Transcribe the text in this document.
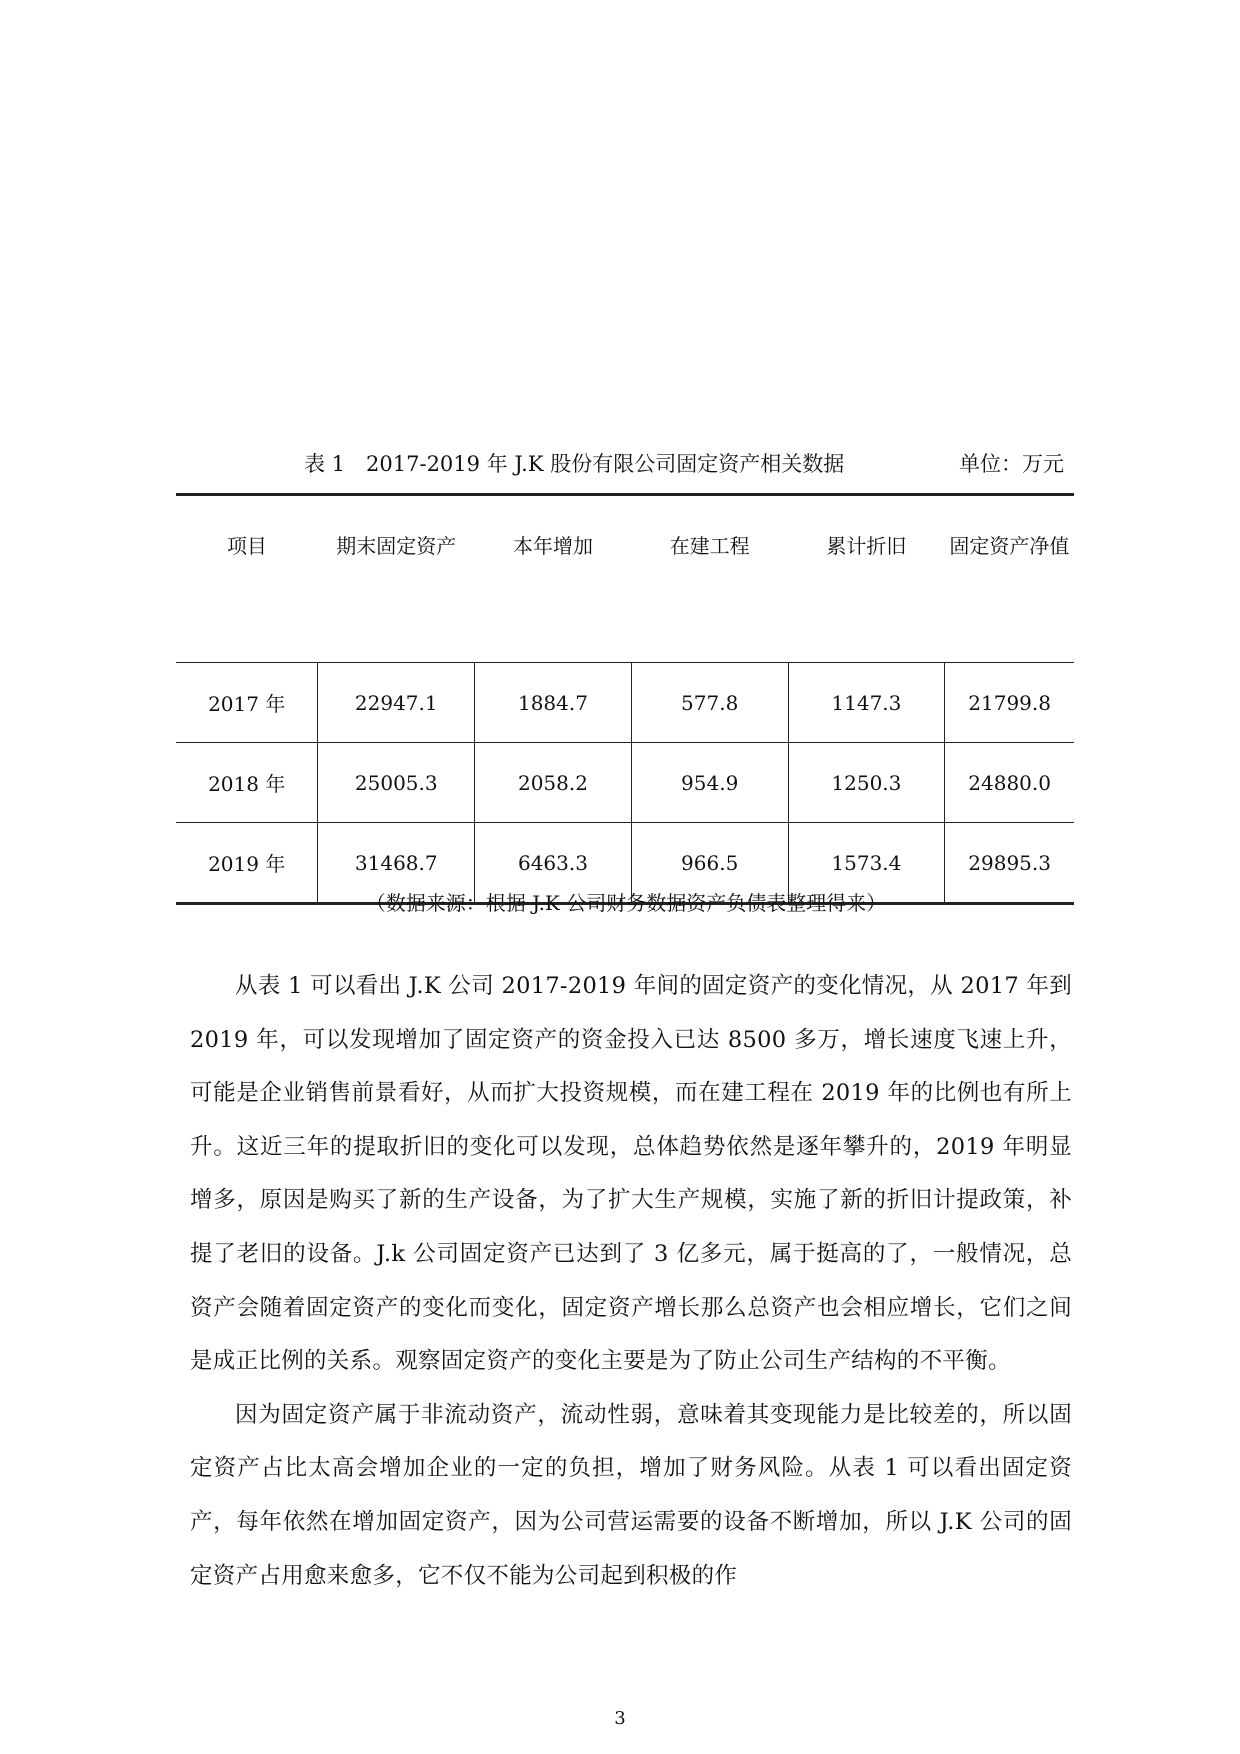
表 1　2017-2019 年 J.K 股份有限公司固定资产相关数据	单位：万元
项目	期末固定资产	本年增加	在建工程	累计折旧	固定资产净值
2017 年	22947.1	1884.7	577.8	1147.3	21799.8
2018 年	25005.3	2058.2	954.9	1250.3	24880.0
2019 年	31468.7	6463.3	966.5	1573.4	29895.3
（数据来源：根据 J.K 公司财务数据资产负债表整理得来）

从表 1 可以看出 J.K 公司 2017-2019 年间的固定资产的变化情况，从 2017 年到 2019 年，可以发现增加了固定资产的资金投入已达 8500 多万，增长速度飞速上升，可能是企业销售前景看好，从而扩大投资规模，而在建工程在 2019 年的比例也有所上升。这近三年的提取折旧的变化可以发现，总体趋势依然是逐年攀升的，2019 年明显增多，原因是购买了新的生产设备，为了扩大生产规模，实施了新的折旧计提政策，补提了老旧的设备。J.k 公司固定资产已达到了 3 亿多元，属于挺高的了，一般情况，总资产会随着固定资产的变化而变化，固定资产增长那么总资产也会相应增长，它们之间是成正比例的关系。观察固定资产的变化主要是为了防止公司生产结构的不平衡。

因为固定资产属于非流动资产，流动性弱，意味着其变现能力是比较差的，所以固定资产占比太高会增加企业的一定的负担，增加了财务风险。从表 1 可以看出固定资产，每年依然在增加固定资产，因为公司营运需要的设备不断增加，所以 J.K 公司的固定资产占用愈来愈多，它不仅不能为公司起到积极的作

3
